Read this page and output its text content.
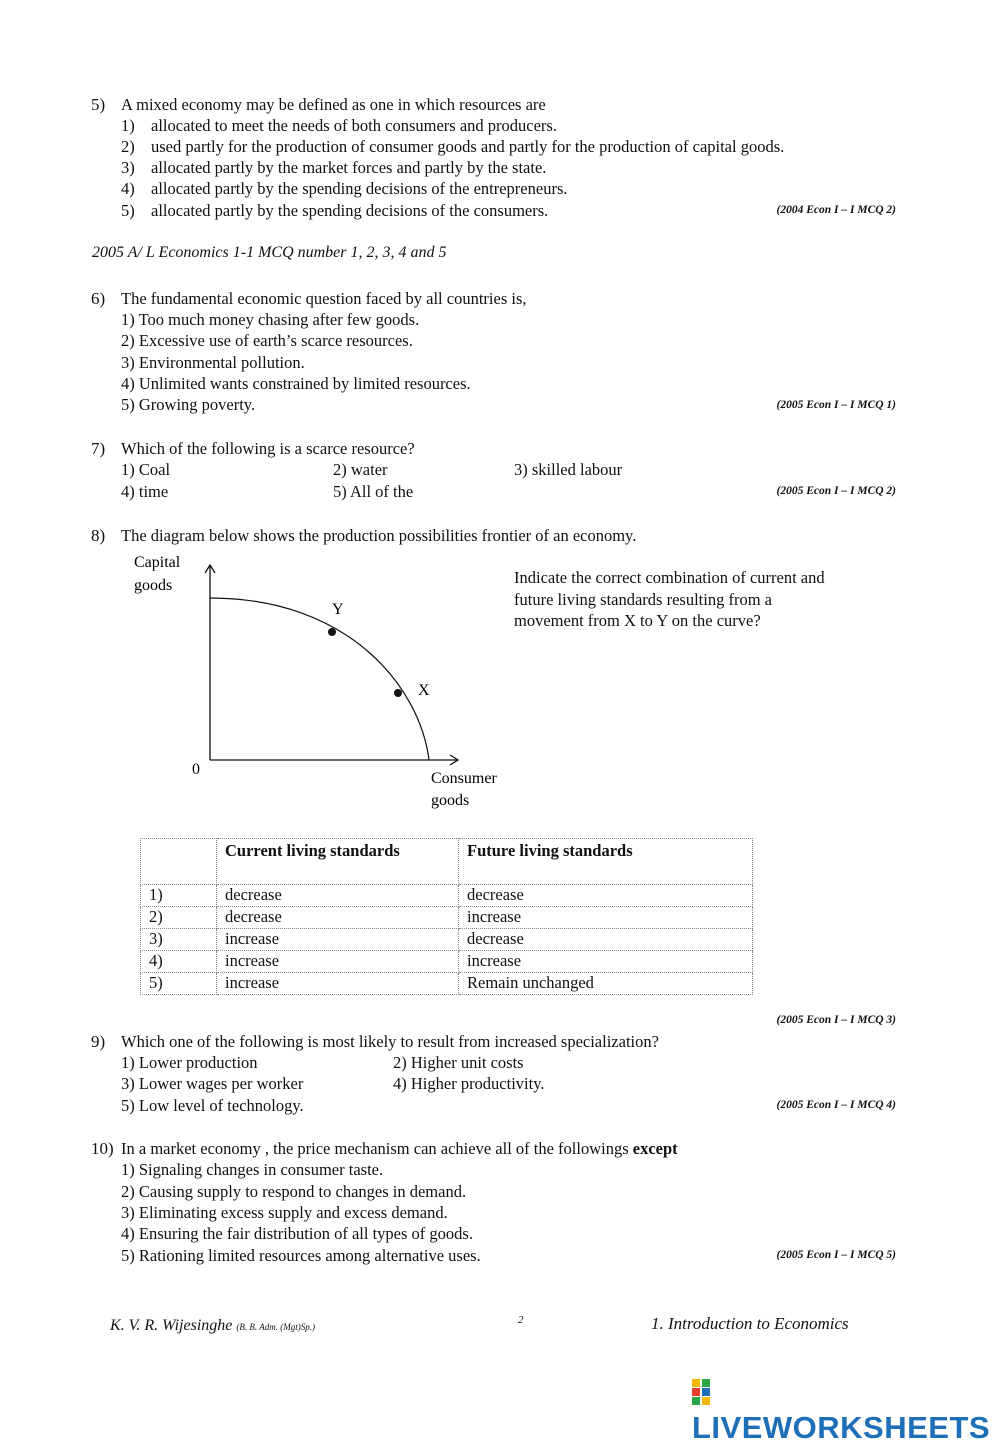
5) A mixed economy may be defined as one in which resources are
1) allocated to meet the needs of both consumers and producers.
2) used partly for the production of consumer goods and partly for the production of capital goods.
3) allocated partly by the market forces and partly by the state.
4) allocated partly by the spending decisions of the entrepreneurs.
5) allocated partly by the spending decisions of the consumers.	(2004 Econ I – I MCQ 2)
2005 A/ L Economics 1-1 MCQ number 1, 2, 3, 4 and 5
6) The fundamental economic question faced by all countries is,
1) Too much money chasing after few goods.
2) Excessive use of earth’s scarce resources.
3) Environmental pollution.
4) Unlimited wants constrained by limited resources.
5) Growing poverty.	(2005 Econ I – I MCQ 1)
7) Which of the following is a scarce resource?
1) Coal	2) water	3) skilled labour
4) time	5) All of the	(2005 Econ I – I MCQ 2)
8) The diagram below shows the production possibilities frontier of an economy.
Y
X
Capital
goods
0
Consumer
goods
Indicate the correct combination of current and
future living standards resulting from a
movement from X to Y on the curve?
	Current living standards	Future living standards
1)	decrease	decrease
2)	decrease	increase
3)	increase	decrease
4)	increase	increase
5)	increase	Remain unchanged
(2005 Econ I – I MCQ 3)
9) Which one of the following is most likely to result from increased specialization?
1) Lower production	2) Higher unit costs
3) Lower wages per worker	4) Higher productivity.
5) Low level of technology.	(2005 Econ I – I MCQ 4)
10) In a market economy , the price mechanism can achieve all of the followings except
1) Signaling changes in consumer taste.
2) Causing supply to respond to changes in demand.
3) Eliminating excess supply and excess demand.
4) Ensuring the fair distribution of all types of goods.
5) Rationing limited resources among alternative uses.	(2005 Econ I – I MCQ 5)
K. V. R. Wijesinghe (B. B. Adm. (Mgt)Sp.)
2	1. Introduction to Economics
LIVEWORKSHEETS
